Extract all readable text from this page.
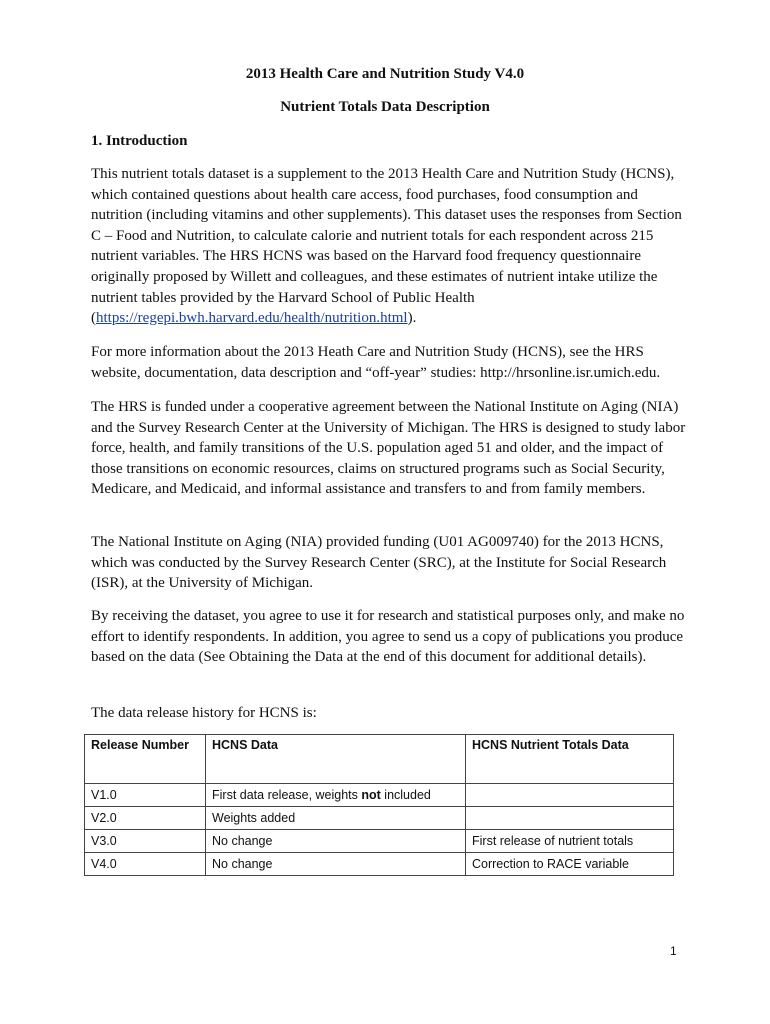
2013 Health Care and Nutrition Study V4.0
Nutrient Totals Data Description
1. Introduction

This nutrient totals dataset is a supplement to the 2013 Health Care and Nutrition Study (HCNS), which contained questions about health care access, food purchases, food consumption and nutrition (including vitamins and other supplements). This dataset uses the responses from Section C – Food and Nutrition, to calculate calorie and nutrient totals for each respondent across 215 nutrient variables. The HRS HCNS was based on the Harvard food frequency questionnaire originally proposed by Willett and colleagues, and these estimates of nutrient intake utilize the nutrient tables provided by the Harvard School of Public Health (https://regepi.bwh.harvard.edu/health/nutrition.html).

For more information about the 2013 Heath Care and Nutrition Study (HCNS), see the HRS website, documentation, data description and “off-year” studies: http://hrsonline.isr.umich.edu.

The HRS is funded under a cooperative agreement between the National Institute on Aging (NIA) and the Survey Research Center at the University of Michigan. The HRS is designed to study labor force, health, and family transitions of the U.S. population aged 51 and older, and the impact of those transitions on economic resources, claims on structured programs such as Social Security, Medicare, and Medicaid, and informal assistance and transfers to and from family members.

The National Institute on Aging (NIA) provided funding (U01 AG009740) for the 2013 HCNS, which was conducted by the Survey Research Center (SRC), at the Institute for Social Research (ISR), at the University of Michigan.

By receiving the dataset, you agree to use it for research and statistical purposes only, and make no effort to identify respondents. In addition, you agree to send us a copy of publications you produce based on the data (See Obtaining the Data at the end of this document for additional details).

The data release history for HCNS is:

Release Number	HCNS Data	HCNS Nutrient Totals Data
V1.0	First data release, weights not included	
V2.0	Weights added	
V3.0	No change	First release of nutrient totals
V4.0	No change	Correction to RACE variable
1
